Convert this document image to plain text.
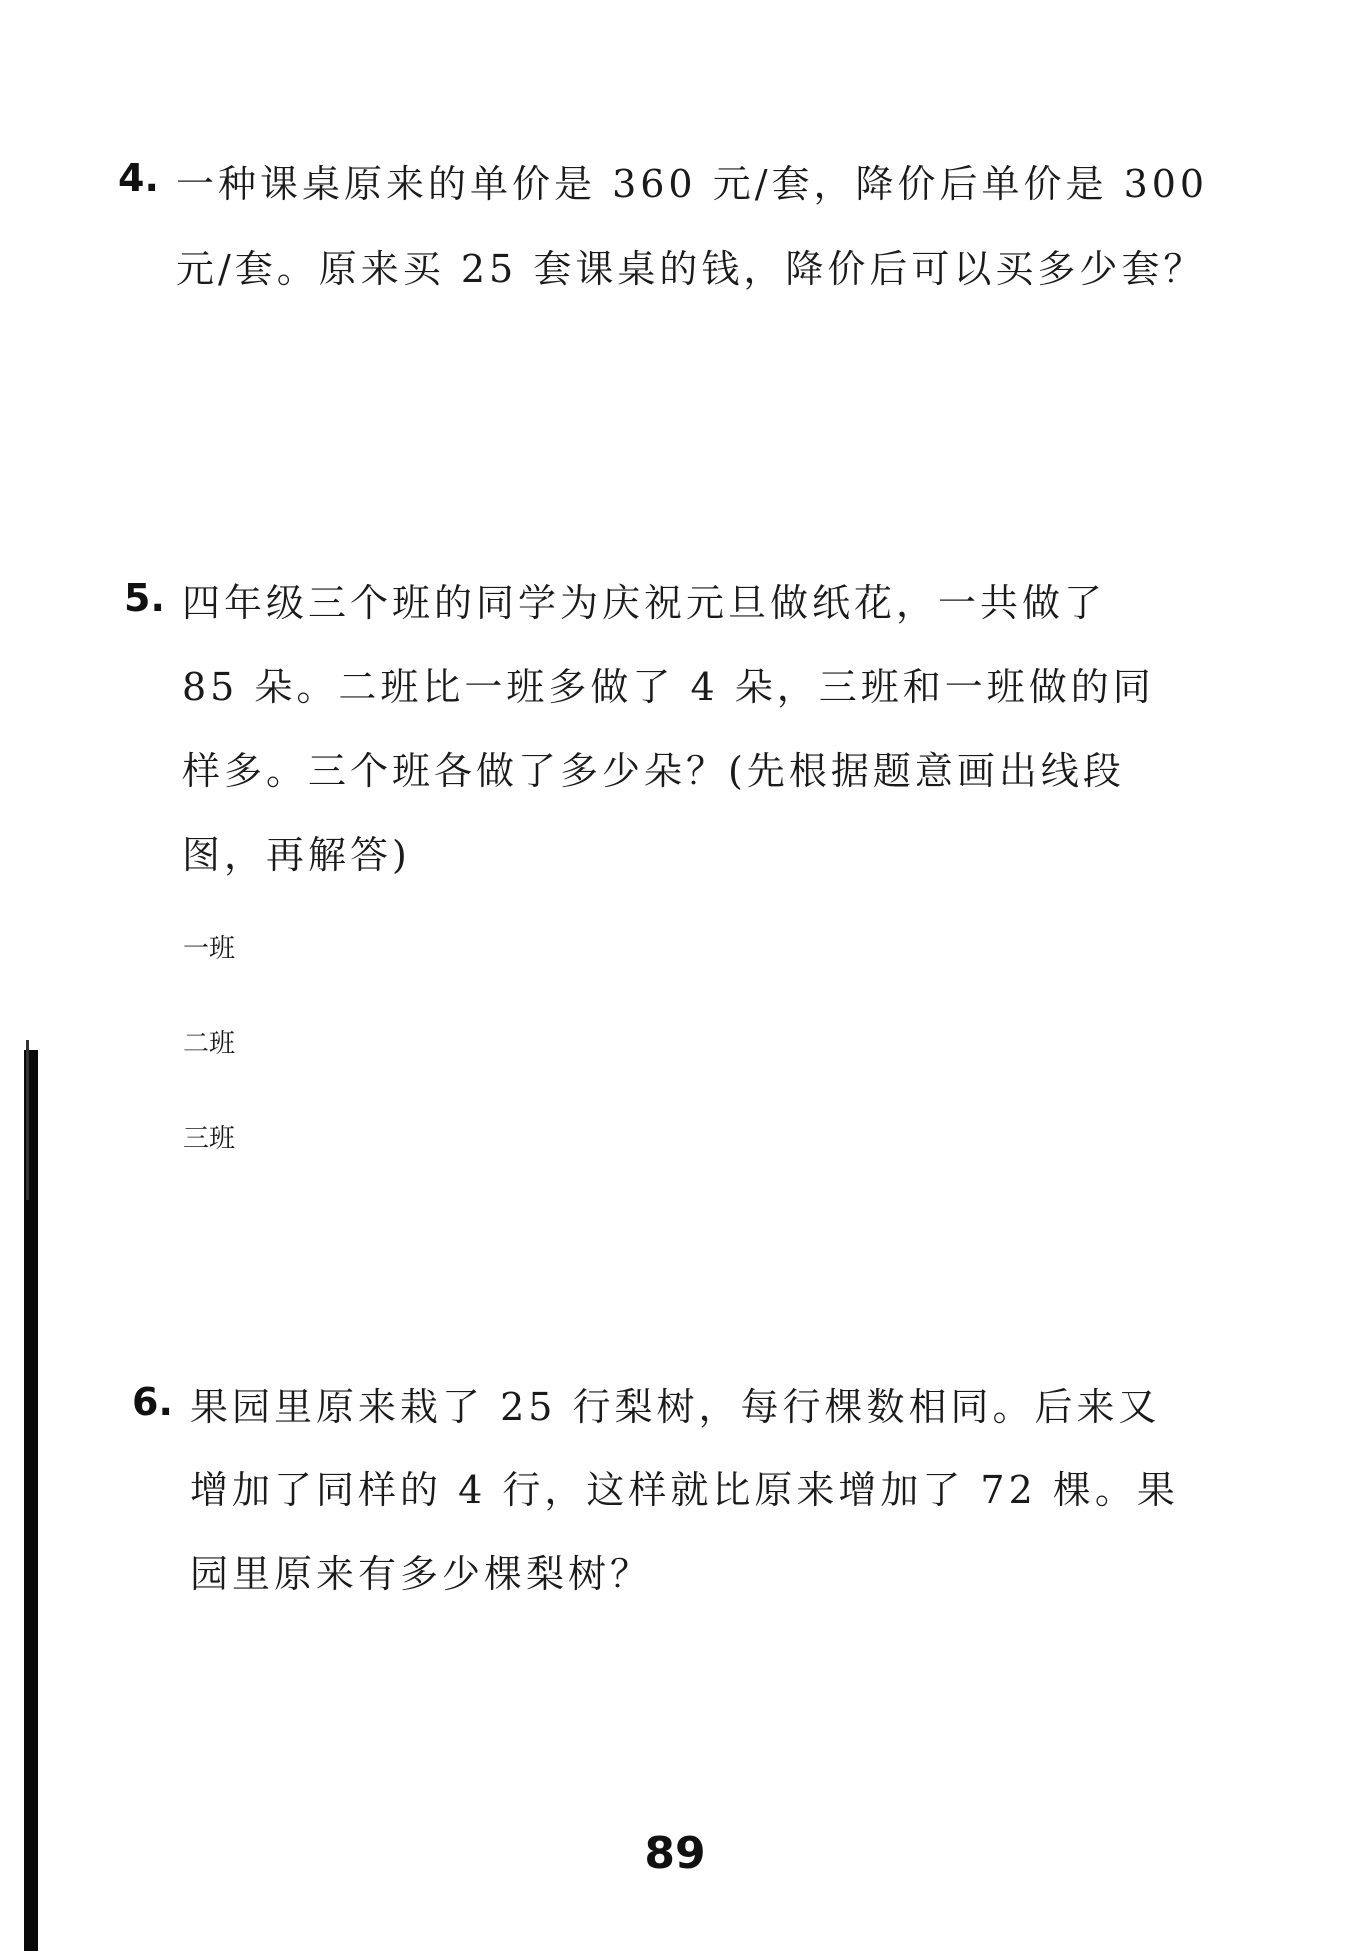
4. 一种课桌原来的单价是 360 元/套，降价后单价是 300
元/套。原来买 25 套课桌的钱，降价后可以买多少套？
5. 四年级三个班的同学为庆祝元旦做纸花，一共做了
85 朵。二班比一班多做了 4 朵，三班和一班做的同
样多。三个班各做了多少朵？(先根据题意画出线段
图，再解答)
一班
二班
三班
6. 果园里原来栽了 25 行梨树，每行棵数相同。后来又
增加了同样的 4 行，这样就比原来增加了 72 棵。果
园里原来有多少棵梨树？
89
